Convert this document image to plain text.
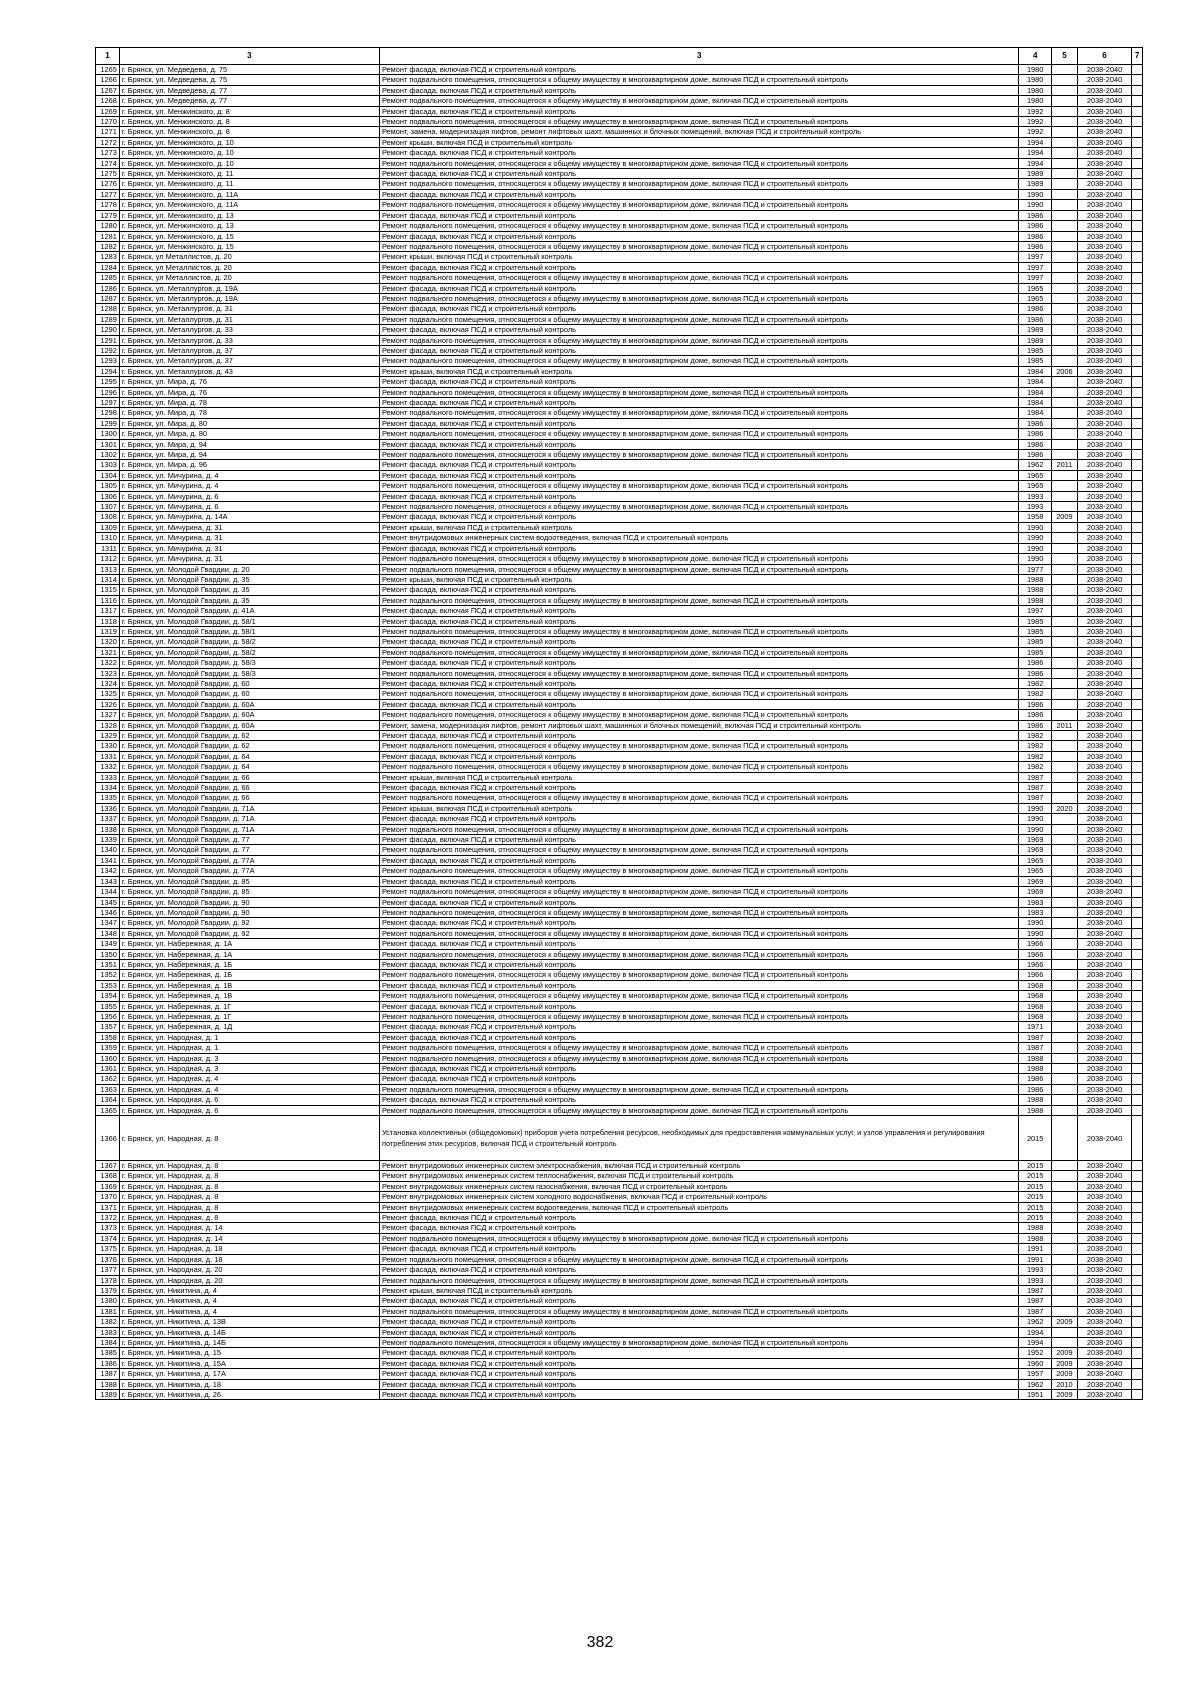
1	3	3	4	5	6	7
1265	г. Брянск, ул. Медведева, д. 75	Ремонт фасада, включая ПСД и строительный контроль	1980		2038-2040	
1266	г. Брянск, ул. Медведева, д. 75	Ремонт подвального помещения, относящегося к общему имуществу в многоквартирном доме, включая ПСД и строительный контроль	1980		2038-2040	
1267	г. Брянск, ул. Медведева, д. 77	Ремонт фасада, включая ПСД и строительный контроль	1980		2038-2040	
1268	г. Брянск, ул. Медведева, д. 77	Ремонт подвального помещения, относящегося к общему имуществу в многоквартирном доме, включая ПСД и строительный контроль	1980		2038-2040	
1269	г. Брянск, ул. Менжинского, д. 8	Ремонт фасада, включая ПСД и строительный контроль	1992		2038-2040	
1270	г. Брянск, ул. Менжинского, д. 8	Ремонт подвального помещения, относящегося к общему имуществу в многоквартирном доме, включая ПСД и строительный контроль	1992		2038-2040	
1271	г. Брянск, ул. Менжинского, д. 8	Ремонт, замена, модернизация лифтов, ремонт лифтовых шахт, машинных и блочных помещений, включая ПСД и строительный контроль	1992		2038-2040	
1272	г. Брянск, ул. Менжинского, д. 10	Ремонт крыши, включая ПСД и строительный контроль	1994		2038-2040	
1273	г. Брянск, ул. Менжинского, д. 10	Ремонт фасада, включая ПСД и строительный контроль	1994		2038-2040	
1274	г. Брянск, ул. Менжинского, д. 10	Ремонт подвального помещения, относящегося к общему имуществу в многоквартирном доме, включая ПСД и строительный контроль	1994		2038-2040	
1275	г. Брянск, ул. Менжинского, д. 11	Ремонт фасада, включая ПСД и строительный контроль	1989		2038-2040	
1276	г. Брянск, ул. Менжинского, д. 11	Ремонт подвального помещения, относящегося к общему имуществу в многоквартирном доме, включая ПСД и строительный контроль	1989		2038-2040	
1277	г. Брянск, ул. Менжинского, д. 11А	Ремонт фасада, включая ПСД и строительный контроль	1990		2038-2040	
1278	г. Брянск, ул. Менжинского, д. 11А	Ремонт подвального помещения, относящегося к общему имуществу в многоквартирном доме, включая ПСД и строительный контроль	1990		2038-2040	
1279	г. Брянск, ул. Менжинского, д. 13	Ремонт фасада, включая ПСД и строительный контроль	1986		2038-2040	
1280	г. Брянск, ул. Менжинского, д. 13	Ремонт подвального помещения, относящегося к общему имуществу в многоквартирном доме, включая ПСД и строительный контроль	1986		2038-2040	
1281	г. Брянск, ул. Менжинского, д. 15	Ремонт фасада, включая ПСД и строительный контроль	1986		2038-2040	
1282	г. Брянск, ул. Менжинского, д. 15	Ремонт подвального помещения, относящегося к общему имуществу в многоквартирном доме, включая ПСД и строительный контроль	1986		2038-2040	
1283	г. Брянск, ул Металлистов, д. 20	Ремонт крыши, включая ПСД и строительный контроль	1997		2038-2040	
1284	г. Брянск, ул Металлистов, д. 20	Ремонт фасада, включая ПСД и строительный контроль	1997		2038-2040	
1285	г. Брянск, ул Металлистов, д. 20	Ремонт подвального помещения, относящегося к общему имуществу в многоквартирном доме, включая ПСД и строительный контроль	1997		2038-2040	
1286	г. Брянск, ул. Металлургов, д. 19А	Ремонт фасада, включая ПСД и строительный контроль	1965		2038-2040	
1287	г. Брянск, ул. Металлургов, д. 19А	Ремонт подвального помещения, относящегося к общему имуществу в многоквартирном доме, включая ПСД и строительный контроль	1965		2038-2040	
1288	г. Брянск, ул. Металлургов, д. 31	Ремонт фасада, включая ПСД и строительный контроль	1986		2038-2040	
1289	г. Брянск, ул. Металлургов, д. 31	Ремонт подвального помещения, относящегося к общему имуществу в многоквартирном доме, включая ПСД и строительный контроль	1986		2038-2040	
1290	г. Брянск, ул. Металлургов, д. 33	Ремонт фасада, включая ПСД и строительный контроль	1989		2038-2040	
1291	г. Брянск, ул. Металлургов, д. 33	Ремонт подвального помещения, относящегося к общему имуществу в многоквартирном доме, включая ПСД и строительный контроль	1989		2038-2040	
1292	г. Брянск, ул. Металлургов, д. 37	Ремонт фасада, включая ПСД и строительный контроль	1985		2038-2040	
1293	г. Брянск, ул. Металлургов, д. 37	Ремонт подвального помещения, относящегося к общему имуществу в многоквартирном доме, включая ПСД и строительный контроль	1985		2038-2040	
1294	г. Брянск, ул. Металлургов, д. 43	Ремонт крыши, включая ПСД и строительный контроль	1984	2006	2038-2040	
1295	г. Брянск, ул. Мира, д. 76	Ремонт фасада, включая ПСД и строительный контроль	1984		2038-2040	
1296	г. Брянск, ул. Мира, д. 76	Ремонт подвального помещения, относящегося к общему имуществу в многоквартирном доме, включая ПСД и строительный контроль	1984		2038-2040	
1297	г. Брянск, ул. Мира, д. 78	Ремонт фасада, включая ПСД и строительный контроль	1984		2038-2040	
1298	г. Брянск, ул. Мира, д. 78	Ремонт подвального помещения, относящегося к общему имуществу в многоквартирном доме, включая ПСД и строительный контроль	1984		2038-2040	
1299	г. Брянск, ул. Мира, д. 80	Ремонт фасада, включая ПСД и строительный контроль	1986		2038-2040	
1300	г. Брянск, ул. Мира, д. 80	Ремонт подвального помещения, относящегося к общему имуществу в многоквартирном доме, включая ПСД и строительный контроль	1986		2038-2040	
1301	г. Брянск, ул. Мира, д. 94	Ремонт фасада, включая ПСД и строительный контроль	1986		2038-2040	
1302	г. Брянск, ул. Мира, д. 94	Ремонт подвального помещения, относящегося к общему имуществу в многоквартирном доме, включая ПСД и строительный контроль	1986		2038-2040	
1303	г. Брянск, ул. Мира, д. 96	Ремонт фасада, включая ПСД и строительный контроль	1962	2011	2038-2040	
1304	г. Брянск, ул. Мичурина, д. 4	Ремонт фасада, включая ПСД и строительный контроль	1965		2038-2040	
1305	г. Брянск, ул. Мичурина, д. 4	Ремонт подвального помещения, относящегося к общему имуществу в многоквартирном доме, включая ПСД и строительный контроль	1965		2038-2040	
1306	г. Брянск, ул. Мичурина, д. 6	Ремонт фасада, включая ПСД и строительный контроль	1993		2038-2040	
1307	г. Брянск, ул. Мичурина, д. 6	Ремонт подвального помещения, относящегося к общему имуществу в многоквартирном доме, включая ПСД и строительный контроль	1993		2038-2040	
1308	г. Брянск, ул. Мичурина, д. 14А	Ремонт фасада, включая ПСД и строительный контроль	1958	2009	2038-2040	
1309	г. Брянск, ул. Мичурина, д. 31	Ремонт крыши, включая ПСД и строительный контроль	1990		2038-2040	
1310	г. Брянск, ул. Мичурина, д. 31	Ремонт внутридомовых инженерных систем водоотведения, включая ПСД и строительный контроль	1990		2038-2040	
1311	г. Брянск, ул. Мичурина, д. 31	Ремонт фасада, включая ПСД и строительный контроль	1990		2038-2040	
1312	г. Брянск, ул. Мичурина, д. 31	Ремонт подвального помещения, относящегося к общему имуществу в многоквартирном доме, включая ПСД и строительный контроль	1990		2038-2040	
1313	г. Брянск, ул. Молодой Гвардии, д. 20	Ремонт подвального помещения, относящегося к общему имуществу в многоквартирном доме, включая ПСД и строительный контроль	1977		2038-2040	
1314	г. Брянск, ул. Молодой Гвардии, д. 35	Ремонт крыши, включая ПСД и строительный контроль	1988		2038-2040	
1315	г. Брянск, ул. Молодой Гвардии, д. 35	Ремонт фасада, включая ПСД и строительный контроль	1988		2038-2040	
1316	г. Брянск, ул. Молодой Гвардии, д. 35	Ремонт подвального помещения, относящегося к общему имуществу в многоквартирном доме, включая ПСД и строительный контроль	1988		2038-2040	
1317	г. Брянск, ул. Молодой Гвардии, д. 41А	Ремонт фасада, включая ПСД и строительный контроль	1997		2038-2040	
1318	г. Брянск, ул. Молодой Гвардии, д. 58/1	Ремонт фасада, включая ПСД и строительный контроль	1985		2038-2040	
1319	г. Брянск, ул. Молодой Гвардии, д. 58/1	Ремонт подвального помещения, относящегося к общему имуществу в многоквартирном доме, включая ПСД и строительный контроль	1985		2038-2040	
1320	г. Брянск, ул. Молодой Гвардии, д. 58/2	Ремонт фасада, включая ПСД и строительный контроль	1985		2038-2040	
1321	г. Брянск, ул. Молодой Гвардии, д. 58/2	Ремонт подвального помещения, относящегося к общему имуществу в многоквартирном доме, включая ПСД и строительный контроль	1985		2038-2040	
1322	г. Брянск, ул. Молодой Гвардии, д. 58/3	Ремонт фасада, включая ПСД и строительный контроль	1986		2038-2040	
1323	г. Брянск, ул. Молодой Гвардии, д. 58/3	Ремонт подвального помещения, относящегося к общему имуществу в многоквартирном доме, включая ПСД и строительный контроль	1986		2038-2040	
1324	г. Брянск, ул. Молодой Гвардии, д. 60	Ремонт фасада, включая ПСД и строительный контроль	1982		2038-2040	
1325	г. Брянск, ул. Молодой Гвардии, д. 60	Ремонт подвального помещения, относящегося к общему имуществу в многоквартирном доме, включая ПСД и строительный контроль	1982		2038-2040	
1326	г. Брянск, ул. Молодой Гвардии, д. 60А	Ремонт фасада, включая ПСД и строительный контроль	1986		2038-2040	
1327	г. Брянск, ул. Молодой Гвардии, д. 60А	Ремонт подвального помещения, относящегося к общему имуществу в многоквартирном доме, включая ПСД и строительный контроль	1986		2038-2040	
1328	г. Брянск, ул. Молодой Гвардии, д. 60А	Ремонт, замена, модернизация лифтов, ремонт лифтовых шахт, машинных и блочных помещений, включая ПСД и строительный контроль	1986	2011	2038-2040	
1329	г. Брянск, ул. Молодой Гвардии, д. 62	Ремонт фасада, включая ПСД и строительный контроль	1982		2038-2040	
1330	г. Брянск, ул. Молодой Гвардии, д. 62	Ремонт подвального помещения, относящегося к общему имуществу в многоквартирном доме, включая ПСД и строительный контроль	1982		2038-2040	
1331	г. Брянск, ул. Молодой Гвардии, д. 64	Ремонт фасада, включая ПСД и строительный контроль	1982		2038-2040	
1332	г. Брянск, ул. Молодой Гвардии, д. 64	Ремонт подвального помещения, относящегося к общему имуществу в многоквартирном доме, включая ПСД и строительный контроль	1982		2038-2040	
1333	г. Брянск, ул. Молодой Гвардии, д. 66	Ремонт крыши, включая ПСД и строительный контроль	1987		2038-2040	
1334	г. Брянск, ул. Молодой Гвардии, д. 66	Ремонт фасада, включая ПСД и строительный контроль	1987		2038-2040	
1335	г. Брянск, ул. Молодой Гвардии, д. 66	Ремонт подвального помещения, относящегося к общему имуществу в многоквартирном доме, включая ПСД и строительный контроль	1987		2038-2040	
1336	г. Брянск, ул. Молодой Гвардии, д. 71А	Ремонт крыши, включая ПСД и строительный контроль	1990	2020	2038-2040	
1337	г. Брянск, ул. Молодой Гвардии, д. 71А	Ремонт фасада, включая ПСД и строительный контроль	1990		2038-2040	
1338	г. Брянск, ул. Молодой Гвардии, д. 71А	Ремонт подвального помещения, относящегося к общему имуществу в многоквартирном доме, включая ПСД и строительный контроль	1990		2038-2040	
1339	г. Брянск, ул. Молодой Гвардии, д. 77	Ремонт фасада, включая ПСД и строительный контроль	1969		2038-2040	
1340	г. Брянск, ул. Молодой Гвардии, д. 77	Ремонт подвального помещения, относящегося к общему имуществу в многоквартирном доме, включая ПСД и строительный контроль	1969		2038-2040	
1341	г. Брянск, ул. Молодой Гвардии, д. 77А	Ремонт фасада, включая ПСД и строительный контроль	1965		2038-2040	
1342	г. Брянск, ул. Молодой Гвардии, д. 77А	Ремонт подвального помещения, относящегося к общему имуществу в многоквартирном доме, включая ПСД и строительный контроль	1965		2038-2040	
1343	г. Брянск, ул. Молодой Гвардии, д. 85	Ремонт фасада, включая ПСД и строительный контроль	1969		2038-2040	
1344	г. Брянск, ул. Молодой Гвардии, д. 85	Ремонт подвального помещения, относящегося к общему имуществу в многоквартирном доме, включая ПСД и строительный контроль	1969		2038-2040	
1345	г. Брянск, ул. Молодой Гвардии, д. 90	Ремонт фасада, включая ПСД и строительный контроль	1983		2038-2040	
1346	г. Брянск, ул. Молодой Гвардии, д. 90	Ремонт подвального помещения, относящегося к общему имуществу в многоквартирном доме, включая ПСД и строительный контроль	1983		2038-2040	
1347	г. Брянск, ул. Молодой Гвардии, д. 92	Ремонт фасада, включая ПСД и строительный контроль	1990		2038-2040	
1348	г. Брянск, ул. Молодой Гвардии, д. 92	Ремонт подвального помещения, относящегося к общему имуществу в многоквартирном доме, включая ПСД и строительный контроль	1990		2038-2040	
1349	г. Брянск, ул. Набережная, д. 1А	Ремонт фасада, включая ПСД и строительный контроль	1966		2038-2040	
1350	г. Брянск, ул. Набережная, д. 1А	Ремонт подвального помещения, относящегося к общему имуществу в многоквартирном доме, включая ПСД и строительный контроль	1966		2038-2040	
1351	г. Брянск, ул. Набережная, д. 1Б	Ремонт фасада, включая ПСД и строительный контроль	1966		2038-2040	
1352	г. Брянск, ул. Набережная, д. 1Б	Ремонт подвального помещения, относящегося к общему имуществу в многоквартирном доме, включая ПСД и строительный контроль	1966		2038-2040	
1353	г. Брянск, ул. Набережная, д. 1В	Ремонт фасада, включая ПСД и строительный контроль	1968		2038-2040	
1354	г. Брянск, ул. Набережная, д. 1В	Ремонт подвального помещения, относящегося к общему имуществу в многоквартирном доме, включая ПСД и строительный контроль	1968		2038-2040	
1355	г. Брянск, ул. Набережная, д. 1Г	Ремонт фасада, включая ПСД и строительный контроль	1968		2038-2040	
1356	г. Брянск, ул. Набережная, д. 1Г	Ремонт подвального помещения, относящегося к общему имуществу в многоквартирном доме, включая ПСД и строительный контроль	1968		2038-2040	
1357	г. Брянск, ул. Набережная, д. 1Д	Ремонт фасада, включая ПСД и строительный контроль	1971		2038-2040	
1358	г. Брянск, ул. Народная, д. 1	Ремонт фасада, включая ПСД и строительный контроль	1987		2038-2040	
1359	г. Брянск, ул. Народная, д. 1	Ремонт подвального помещения, относящегося к общему имуществу в многоквартирном доме, включая ПСД и строительный контроль	1987		2038-2040	
1360	г. Брянск, ул. Народная, д. 3	Ремонт подвального помещения, относящегося к общему имуществу в многоквартирном доме, включая ПСД и строительный контроль	1988		2038-2040	
1361	г. Брянск, ул. Народная, д. 3	Ремонт фасада, включая ПСД и строительный контроль	1988		2038-2040	
1362	г. Брянск, ул. Народная, д. 4	Ремонт фасада, включая ПСД и строительный контроль	1986		2038-2040	
1363	г. Брянск, ул. Народная, д. 4	Ремонт подвального помещения, относящегося к общему имуществу в многоквартирном доме, включая ПСД и строительный контроль	1986		2038-2040	
1364	г. Брянск, ул. Народная, д. 6	Ремонт фасада, включая ПСД и строительный контроль	1988		2038-2040	
1365	г. Брянск, ул. Народная, д. 6	Ремонт подвального помещения, относящегося к общему имуществу в многоквартирном доме, включая ПСД и строительный контроль	1988		2038-2040	
1366	г. Брянск, ул. Народная, д. 8	Установка коллективных (общедомовых) приборов учета потребления ресурсов, необходимых для предоставления коммунальных услуг, и узлов управления и регулирования потребления этих ресурсов, включая ПСД и строительный контроль	2015		2038-2040	
1367	г. Брянск, ул. Народная, д. 8	Ремонт внутридомовых инженерных систем электроснабжения, включая ПСД и строительный контроль	2015		2038-2040	
1368	г. Брянск, ул. Народная, д. 8	Ремонт внутридомовых инженерных систем теплоснабжения, включая ПСД и строительный контроль	2015		2038-2040	
1369	г. Брянск, ул. Народная, д. 8	Ремонт внутридомовых инженерных систем газоснабжения, включая ПСД и строительный контроль	2015		2038-2040	
1370	г. Брянск, ул. Народная, д. 8	Ремонт внутридомовых инженерных систем холодного водоснабжения, включая ПСД и строительный контроль	2015		2038-2040	
1371	г. Брянск, ул. Народная, д. 8	Ремонт внутридомовых инженерных систем водоотведения, включая ПСД и строительный контроль	2015		2038-2040	
1372	г. Брянск, ул. Народная, д. 8	Ремонт фасада, включая ПСД и строительный контроль	2015		2038-2040	
1373	г. Брянск, ул. Народная, д. 14	Ремонт фасада, включая ПСД и строительный контроль	1988		2038-2040	
1374	г. Брянск, ул. Народная, д. 14	Ремонт подвального помещения, относящегося к общему имуществу в многоквартирном доме, включая ПСД и строительный контроль	1988		2038-2040	
1375	г. Брянск, ул. Народная, д. 18	Ремонт фасада, включая ПСД и строительный контроль	1991		2038-2040	
1376	г. Брянск, ул. Народная, д. 18	Ремонт подвального помещения, относящегося к общему имуществу в многоквартирном доме, включая ПСД и строительный контроль	1991		2038-2040	
1377	г. Брянск, ул. Народная, д. 20	Ремонт фасада, включая ПСД и строительный контроль	1993		2038-2040	
1378	г. Брянск, ул. Народная, д. 20	Ремонт подвального помещения, относящегося к общему имуществу в многоквартирном доме, включая ПСД и строительный контроль	1993		2038-2040	
1379	г. Брянск, ул. Никитина, д. 4	Ремонт крыши, включая ПСД и строительный контроль	1987		2038-2040	
1380	г. Брянск, ул. Никитина, д. 4	Ремонт фасада, включая ПСД и строительный контроль	1987		2038-2040	
1381	г. Брянск, ул. Никитина, д. 4	Ремонт подвального помещения, относящегося к общему имуществу в многоквартирном доме, включая ПСД и строительный контроль	1987		2038-2040	
1382	г. Брянск, ул. Никитина, д. 13В	Ремонт фасада, включая ПСД и строительный контроль	1962	2009	2038-2040	
1383	г. Брянск, ул. Никитина, д. 14Б	Ремонт фасада, включая ПСД и строительный контроль	1994		2038-2040	
1384	г. Брянск, ул. Никитина, д. 14Б	Ремонт подвального помещения, относящегося к общему имуществу в многоквартирном доме, включая ПСД и строительный контроль	1994		2038-2040	
1385	г. Брянск, ул. Никитина, д. 15	Ремонт фасада, включая ПСД и строительный контроль	1952	2009	2038-2040	
1386	г. Брянск, ул. Никитина, д. 15А	Ремонт фасада, включая ПСД и строительный контроль	1960	2009	2038-2040	
1387	г. Брянск, ул. Никитина, д. 17А	Ремонт фасада, включая ПСД и строительный контроль	1957	2009	2038-2040	
1388	г. Брянск, ул. Никитина, д. 18	Ремонт фасада, включая ПСД и строительный контроль	1962	2010	2038-2040	
1389	г. Брянск, ул. Никитина, д. 26	Ремонт фасада, включая ПСД и строительный контроль	1951	2009	2038-2040	
382
